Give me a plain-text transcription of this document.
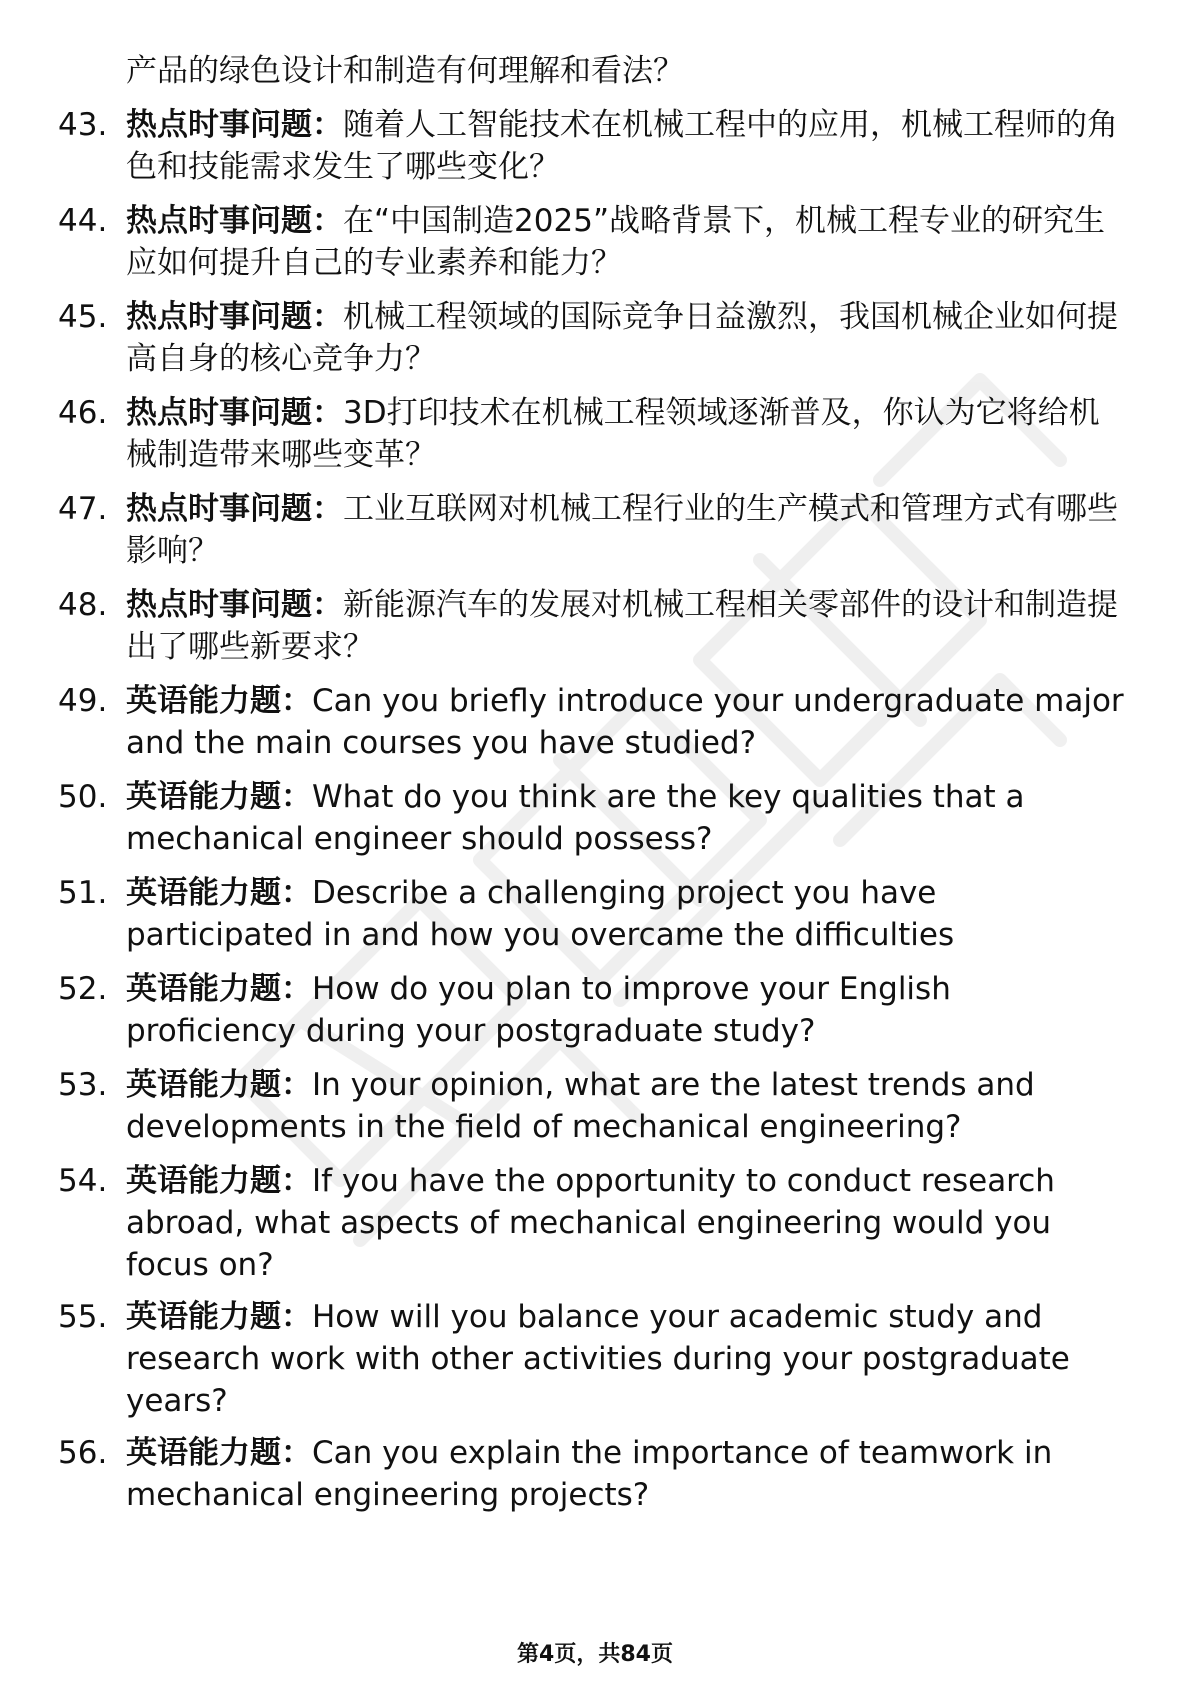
产品的绿色设计和制造有何理解和看法？
43. 热点时事问题：随着人工智能技术在机械工程中的应用，机械工程师的角色和技能需求发生了哪些变化？
44. 热点时事问题：在“中国制造2025”战略背景下，机械工程专业的研究生应如何提升自己的专业素养和能力？
45. 热点时事问题：机械工程领域的国际竞争日益激烈，我国机械企业如何提高自身的核心竞争力？
46. 热点时事问题：3D打印技术在机械工程领域逐渐普及，你认为它将给机械制造带来哪些变革？
47. 热点时事问题：工业互联网对机械工程行业的生产模式和管理方式有哪些影响？
48. 热点时事问题：新能源汽车的发展对机械工程相关零部件的设计和制造提出了哪些新要求？
49. 英语能力题：Can you briefly introduce your undergraduate major and the main courses you have studied?
50. 英语能力题：What do you think are the key qualities that a mechanical engineer should possess?
51. 英语能力题：Describe a challenging project you have participated in and how you overcame the difficulties
52. 英语能力题：How do you plan to improve your English proficiency during your postgraduate study?
53. 英语能力题：In your opinion, what are the latest trends and developments in the field of mechanical engineering?
54. 英语能力题：If you have the opportunity to conduct research abroad, what aspects of mechanical engineering would you focus on?
55. 英语能力题：How will you balance your academic study and research work with other activities during your postgraduate years?
56. 英语能力题：Can you explain the importance of teamwork in mechanical engineering projects?
第4页，共84页
